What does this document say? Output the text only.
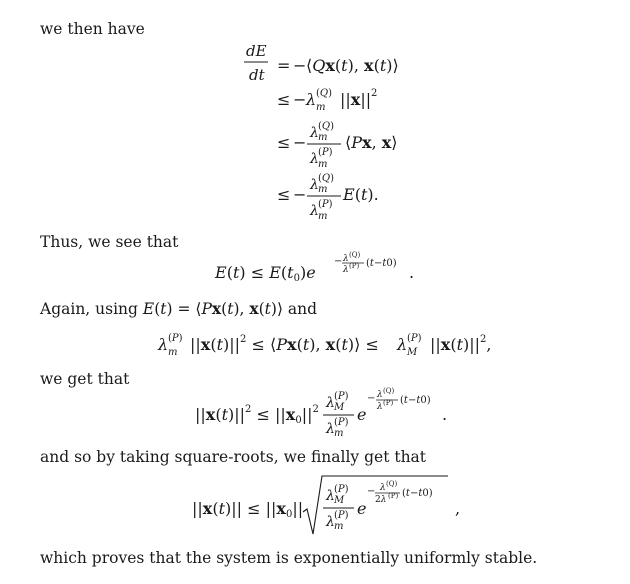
we then have
dE
dt = − ⟨Qx(t), x(t)⟩
≤ − λ (Q)
m ||x|| 2
≤ − λ (Q)
m
λ (P)
m
⟨Px, x⟩
≤ − λ (Q)
m
λ (P)
m
E(t).
Thus, we see that
E(t) ≤ E(t0)e
− λ (Q)
λ (P) (t−t0) .
Again, using E(t) = ⟨Px(t), x(t)⟩ and
λ (P)
m $||x(t)||^2$ ≤ ⟨Px(t), x(t)⟩ ≤ λ (P)
M $||x(t)||^2$,
we get that
$||x(t)||^2 \le ||x0||^2$ λ (P)
M
λ (P)
m
e
− λ (Q)
λ (P) (t−t0)
.
and so by taking square-roots, we finally get that
||x(t)|| ≤ ||x0||
λ (P)
M
λ (P)
m
e
− λ (Q)
2λ (P) (t−t0)
,
which proves that the system is exponentially uniformly stable.
